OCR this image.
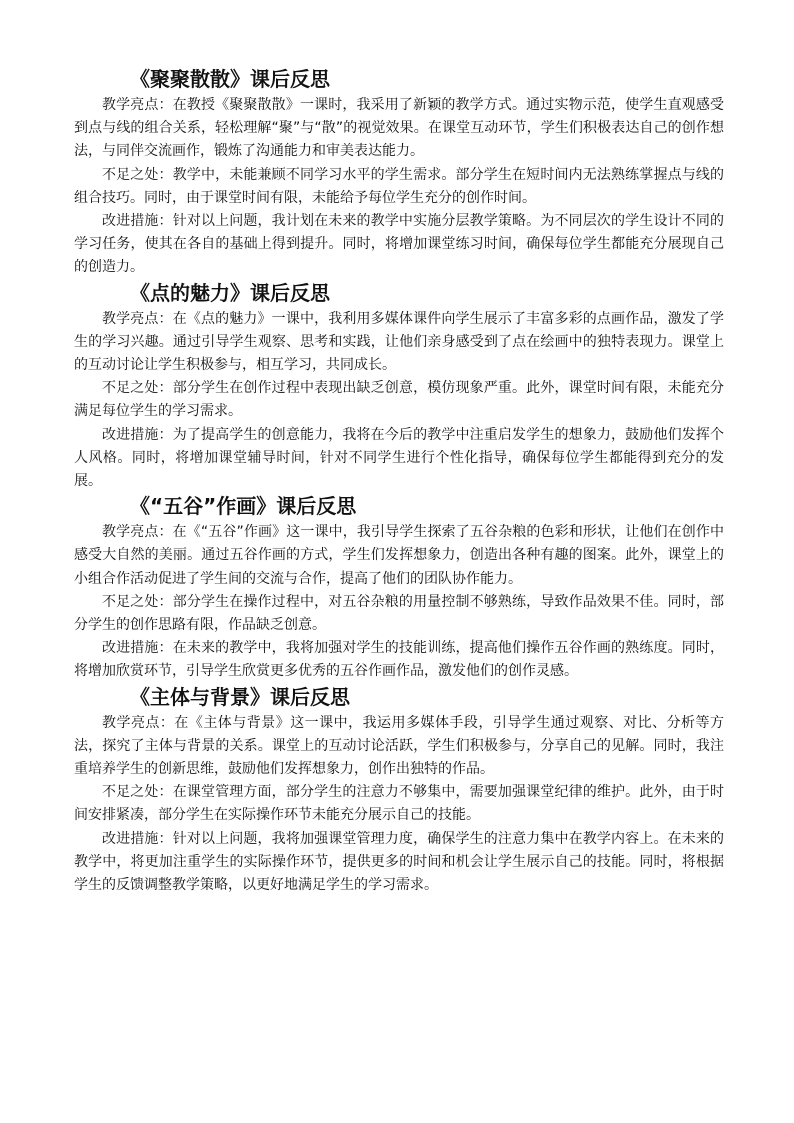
《聚聚散散》课后反思

教学亮点：在教授《聚聚散散》一课时，我采用了新颖的教学方式。通过实物示范，使学生直观感受到点与线的组合关系，轻松理解“聚”与“散”的视觉效果。在课堂互动环节，学生们积极表达自己的创作想法，与同伴交流画作，锻炼了沟通能力和审美表达能力。

不足之处：教学中，未能兼顾不同学习水平的学生需求。部分学生在短时间内无法熟练掌握点与线的组合技巧。同时，由于课堂时间有限，未能给予每位学生充分的创作时间。

改进措施：针对以上问题，我计划在未来的教学中实施分层教学策略。为不同层次的学生设计不同的学习任务，使其在各自的基础上得到提升。同时，将增加课堂练习时间，确保每位学生都能充分展现自己的创造力。

《点的魅力》课后反思

教学亮点：在《点的魅力》一课中，我利用多媒体课件向学生展示了丰富多彩的点画作品，激发了学生的学习兴趣。通过引导学生观察、思考和实践，让他们亲身感受到了点在绘画中的独特表现力。课堂上的互动讨论让学生积极参与，相互学习，共同成长。

不足之处：部分学生在创作过程中表现出缺乏创意，模仿现象严重。此外，课堂时间有限，未能充分满足每位学生的学习需求。

改进措施：为了提高学生的创意能力，我将在今后的教学中注重启发学生的想象力，鼓励他们发挥个人风格。同时，将增加课堂辅导时间，针对不同学生进行个性化指导，确保每位学生都能得到充分的发展。

《“五谷”作画》课后反思

教学亮点：在《“五谷”作画》这一课中，我引导学生探索了五谷杂粮的色彩和形状，让他们在创作中感受大自然的美丽。通过五谷作画的方式，学生们发挥想象力，创造出各种有趣的图案。此外，课堂上的小组合作活动促进了学生间的交流与合作，提高了他们的团队协作能力。

不足之处：部分学生在操作过程中，对五谷杂粮的用量控制不够熟练，导致作品效果不佳。同时，部分学生的创作思路有限，作品缺乏创意。

改进措施：在未来的教学中，我将加强对学生的技能训练，提高他们操作五谷作画的熟练度。同时，将增加欣赏环节，引导学生欣赏更多优秀的五谷作画作品，激发他们的创作灵感。

《主体与背景》课后反思

教学亮点：在《主体与背景》这一课中，我运用多媒体手段，引导学生通过观察、对比、分析等方法，探究了主体与背景的关系。课堂上的互动讨论活跃，学生们积极参与，分享自己的见解。同时，我注重培养学生的创新思维，鼓励他们发挥想象力，创作出独特的作品。

不足之处：在课堂管理方面，部分学生的注意力不够集中，需要加强课堂纪律的维护。此外，由于时间安排紧凑，部分学生在实际操作环节未能充分展示自己的技能。

改进措施：针对以上问题，我将加强课堂管理力度，确保学生的注意力集中在教学内容上。在未来的教学中，将更加注重学生的实际操作环节，提供更多的时间和机会让学生展示自己的技能。同时，将根据学生的反馈调整教学策略，以更好地满足学生的学习需求。
